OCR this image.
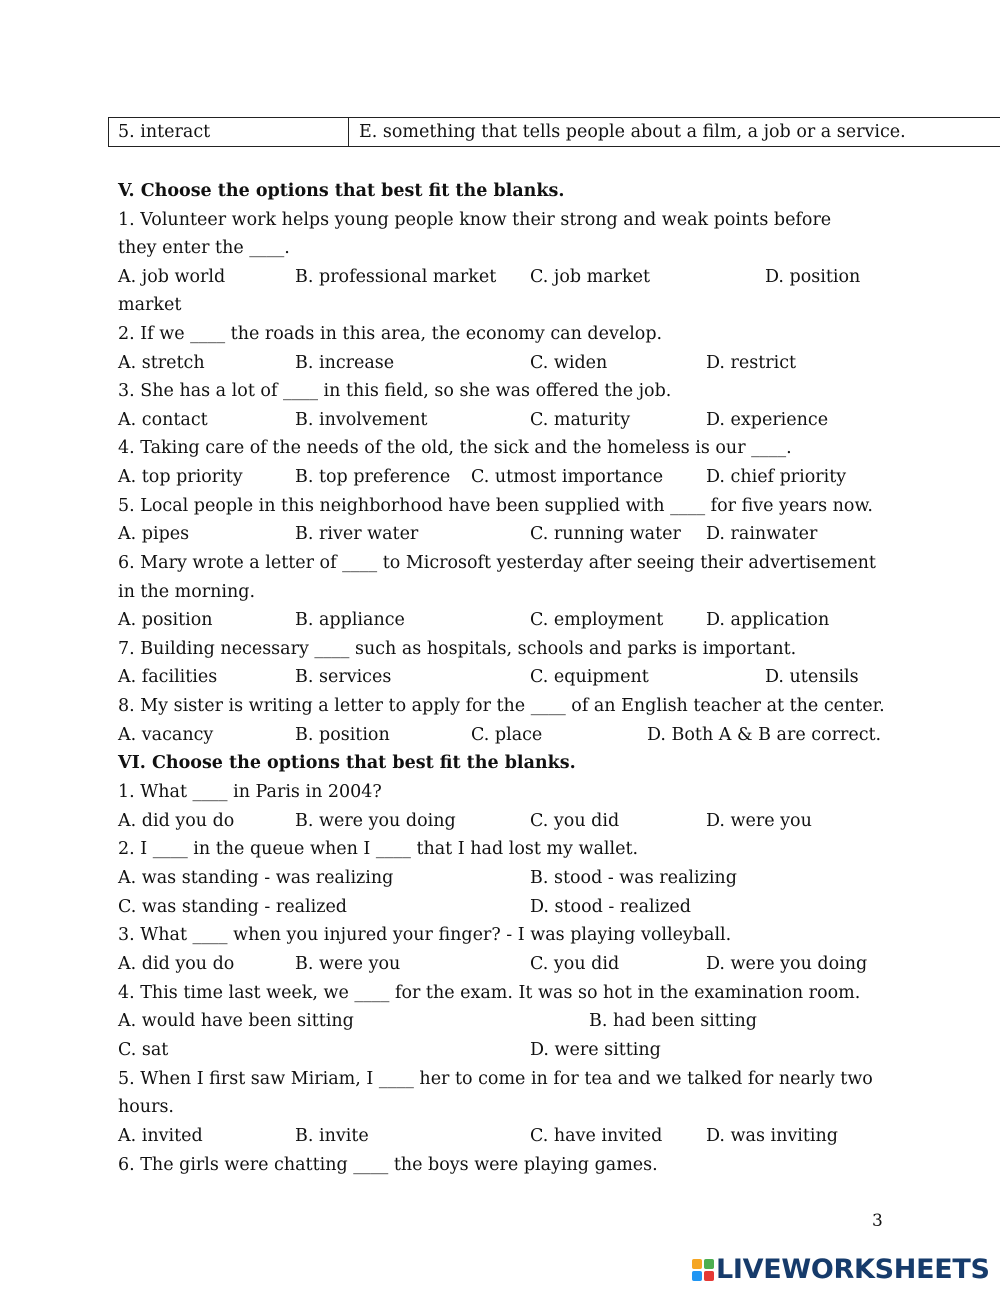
5. interact	E. something that tells people about a film, a job or a service.
V. Choose the options that best fit the blanks.
1. Volunteer work helps young people know their strong and weak points before
they enter the ____.
A. job world	B. professional market C. job market	D. position
market
2. If we ____ the roads in this area, the economy can develop.
A. stretch	B. increase	C. widen	D. restrict
3. She has a lot of ____ in this field, so she was offered the job.
A. contact	B. involvement	C. maturity	D. experience
4. Taking care of the needs of the old, the sick and the homeless is our ____.
A. top priority	B. top preference C. utmost importance D. chief priority
5. Local people in this neighborhood have been supplied with ____ for five years now.
A. pipes	B. river water	C. running water D. rainwater
6. Mary wrote a letter of ____ to Microsoft yesterday after seeing their advertisement
in the morning.
A. position	B. appliance	C. employment D. application
7. Building necessary ____ such as hospitals, schools and parks is important.
A. facilities	B. services	C. equipment	D. utensils
8. My sister is writing a letter to apply for the ____ of an English teacher at the center.
A. vacancy	B. position	C. place	D. Both A & B are correct.
VI. Choose the options that best fit the blanks.
1. What ____ in Paris in 2004?
A. did you do	B. were you doing	C. you did	D. were you
2. I ____ in the queue when I ____ that I had lost my wallet.
A. was standing - was realizing	B. stood - was realizing
C. was standing - realized	D. stood - realized
3. What ____ when you injured your finger? - I was playing volleyball.
A. did you do	B. were you	C. you did	D. were you doing
4. This time last week, we ____ for the exam. It was so hot in the examination room.
A. would have been sitting	B. had been sitting
C. sat	D. were sitting
5. When I first saw Miriam, I ____ her to come in for tea and we talked for nearly two
hours.
A. invited	B. invite	C. have invited D. was inviting
6. The girls were chatting ____ the boys were playing games.
3
LIVEWORKSHEETS
